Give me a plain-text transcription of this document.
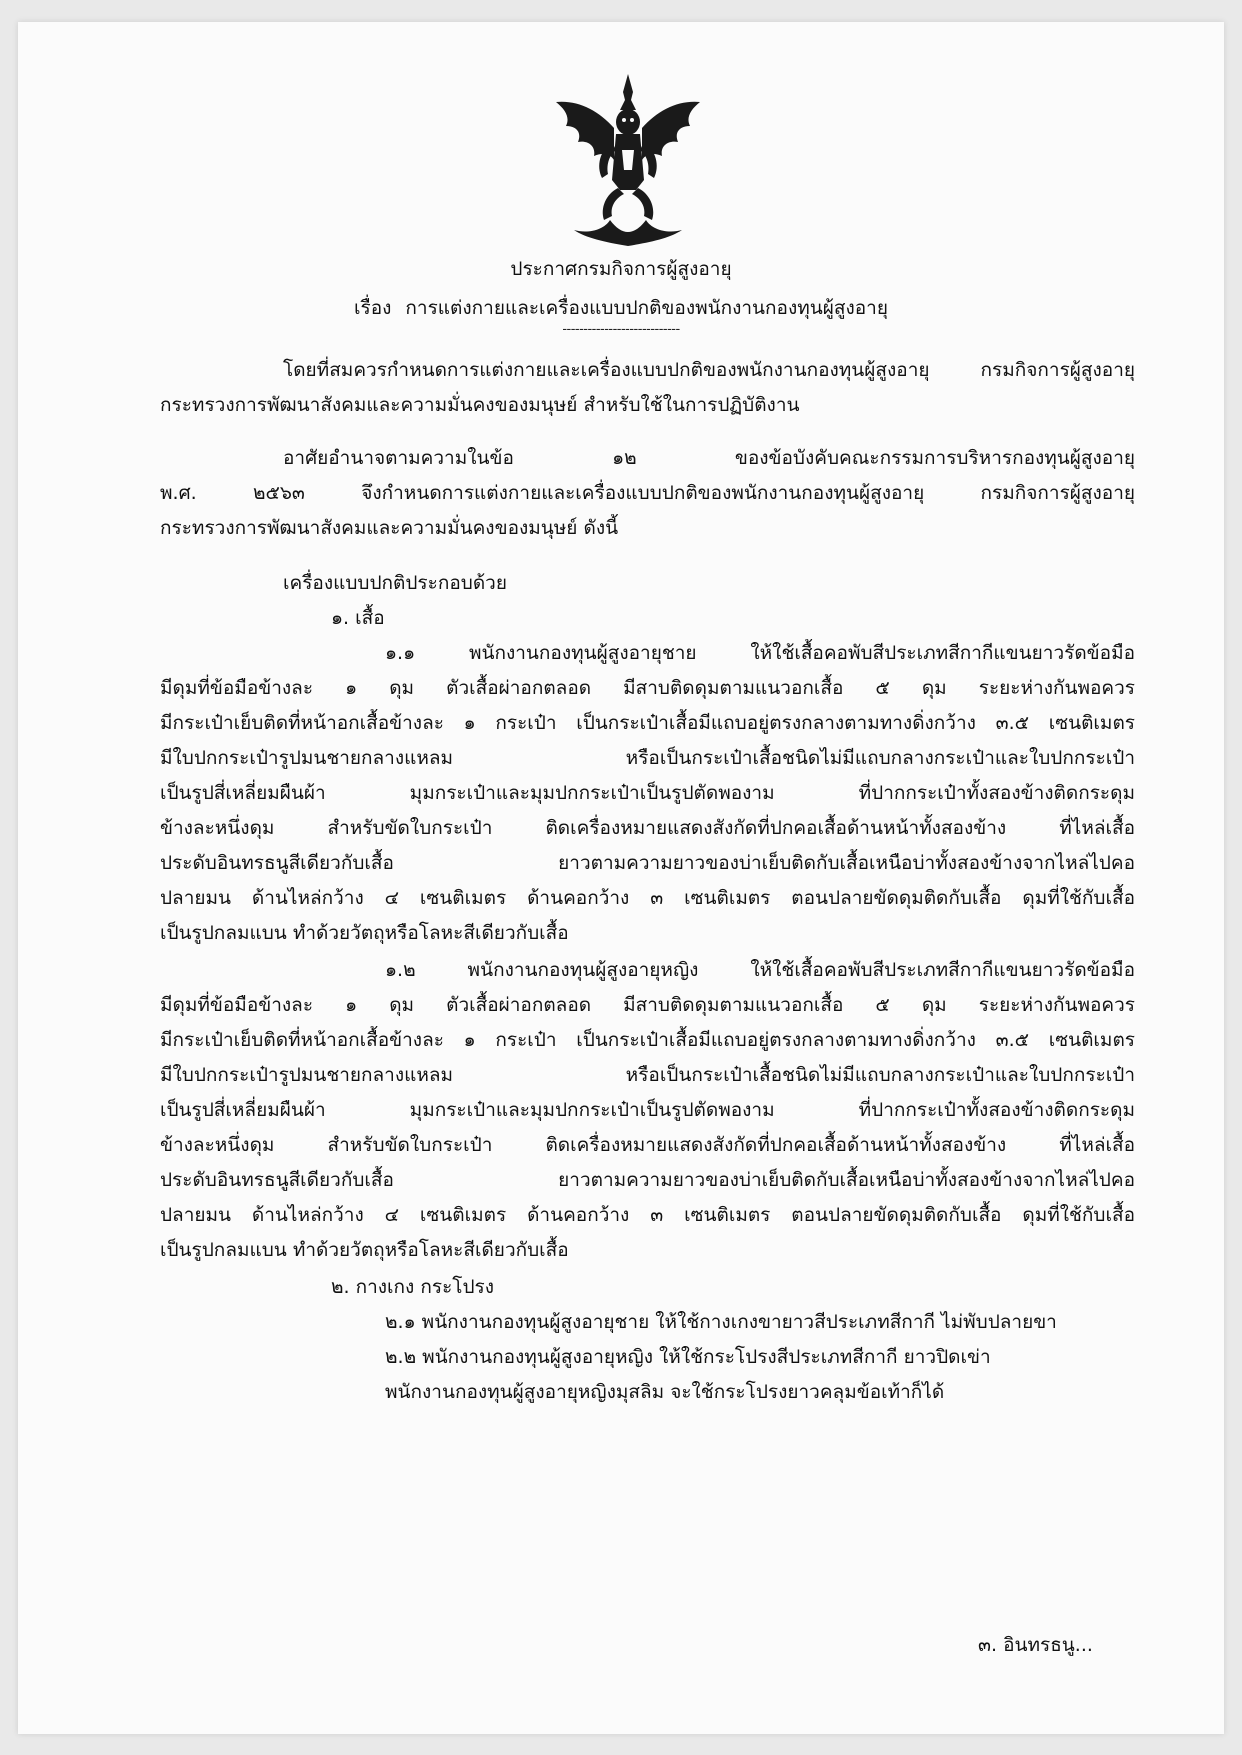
ประกาศกรมกิจการผู้สูงอายุ
เรื่อง การแต่งกายและเครื่องแบบปกติของพนักงานกองทุนผู้สูงอายุ
----------------------------
โดยที่สมควรกำหนดการแต่งกายและเครื่องแบบปกติของพนักงานกองทุนผู้สูงอายุ กรมกิจการผู้สูงอายุ
กระทรวงการพัฒนาสังคมและความมั่นคงของมนุษย์ สำหรับใช้ในการปฏิบัติงาน
อาศัยอำนาจตามความในข้อ ๑๒ ของข้อบังคับคณะกรรมการบริหารกองทุนผู้สูงอายุ
พ.ศ. ๒๕๖๓ จึงกำหนดการแต่งกายและเครื่องแบบปกติของพนักงานกองทุนผู้สูงอายุ กรมกิจการผู้สูงอายุ
กระทรวงการพัฒนาสังคมและความมั่นคงของมนุษย์ ดังนี้
เครื่องแบบปกติประกอบด้วย
๑. เสื้อ
๑.๑ พนักงานกองทุนผู้สูงอายุชาย ให้ใช้เสื้อคอพับสีประเภทสีกากีแขนยาวรัดข้อมือ
มีดุมที่ข้อมือข้างละ ๑ ดุม ตัวเสื้อผ่าอกตลอด มีสาบติดดุมตามแนวอกเสื้อ ๕ ดุม ระยะห่างกันพอควร
มีกระเป๋าเย็บติดที่หน้าอกเสื้อข้างละ ๑ กระเป๋า เป็นกระเป๋าเสื้อมีแถบอยู่ตรงกลางตามทางดิ่งกว้าง ๓.๕ เซนติเมตร
มีใบปกกระเป๋ารูปมนชายกลางแหลม หรือเป็นกระเป๋าเสื้อชนิดไม่มีแถบกลางกระเป๋าและใบปกกระเป๋า
เป็นรูปสี่เหลี่ยมผืนผ้า มุมกระเป๋าและมุมปกกระเป๋าเป็นรูปตัดพองาม ที่ปากกระเป๋าทั้งสองข้างติดกระดุม
ข้างละหนึ่งดุม สำหรับขัดใบกระเป๋า ติดเครื่องหมายแสดงสังกัดที่ปกคอเสื้อด้านหน้าทั้งสองข้าง ที่ไหล่เสื้อ
ประดับอินทรธนูสีเดียวกับเสื้อ ยาวตามความยาวของบ่าเย็บติดกับเสื้อเหนือบ่าทั้งสองข้างจากไหล่ไปคอ
ปลายมน ด้านไหล่กว้าง ๔ เซนติเมตร ด้านคอกว้าง ๓ เซนติเมตร ตอนปลายขัดดุมติดกับเสื้อ ดุมที่ใช้กับเสื้อ
เป็นรูปกลมแบน ทำด้วยวัตถุหรือโลหะสีเดียวกับเสื้อ
๑.๒ พนักงานกองทุนผู้สูงอายุหญิง ให้ใช้เสื้อคอพับสีประเภทสีกากีแขนยาวรัดข้อมือ
มีดุมที่ข้อมือข้างละ ๑ ดุม ตัวเสื้อผ่าอกตลอด มีสาบติดดุมตามแนวอกเสื้อ ๕ ดุม ระยะห่างกันพอควร
มีกระเป๋าเย็บติดที่หน้าอกเสื้อข้างละ ๑ กระเป๋า เป็นกระเป๋าเสื้อมีแถบอยู่ตรงกลางตามทางดิ่งกว้าง ๓.๕ เซนติเมตร
มีใบปกกระเป๋ารูปมนชายกลางแหลม หรือเป็นกระเป๋าเสื้อชนิดไม่มีแถบกลางกระเป๋าและใบปกกระเป๋า
เป็นรูปสี่เหลี่ยมผืนผ้า มุมกระเป๋าและมุมปกกระเป๋าเป็นรูปตัดพองาม ที่ปากกระเป๋าทั้งสองข้างติดกระดุม
ข้างละหนึ่งดุม สำหรับขัดใบกระเป๋า ติดเครื่องหมายแสดงสังกัดที่ปกคอเสื้อด้านหน้าทั้งสองข้าง ที่ไหล่เสื้อ
ประดับอินทรธนูสีเดียวกับเสื้อ ยาวตามความยาวของบ่าเย็บติดกับเสื้อเหนือบ่าทั้งสองข้างจากไหล่ไปคอ
ปลายมน ด้านไหล่กว้าง ๔ เซนติเมตร ด้านคอกว้าง ๓ เซนติเมตร ตอนปลายขัดดุมติดกับเสื้อ ดุมที่ใช้กับเสื้อ
เป็นรูปกลมแบน ทำด้วยวัตถุหรือโลหะสีเดียวกับเสื้อ
๒. กางเกง กระโปรง
๒.๑ พนักงานกองทุนผู้สูงอายุชาย ให้ใช้กางเกงขายาวสีประเภทสีกากี ไม่พับปลายขา
๒.๒ พนักงานกองทุนผู้สูงอายุหญิง ให้ใช้กระโปรงสีประเภทสีกากี ยาวปิดเข่า
พนักงานกองทุนผู้สูงอายุหญิงมุสลิม จะใช้กระโปรงยาวคลุมข้อเท้าก็ได้
๓. อินทรธนู...
